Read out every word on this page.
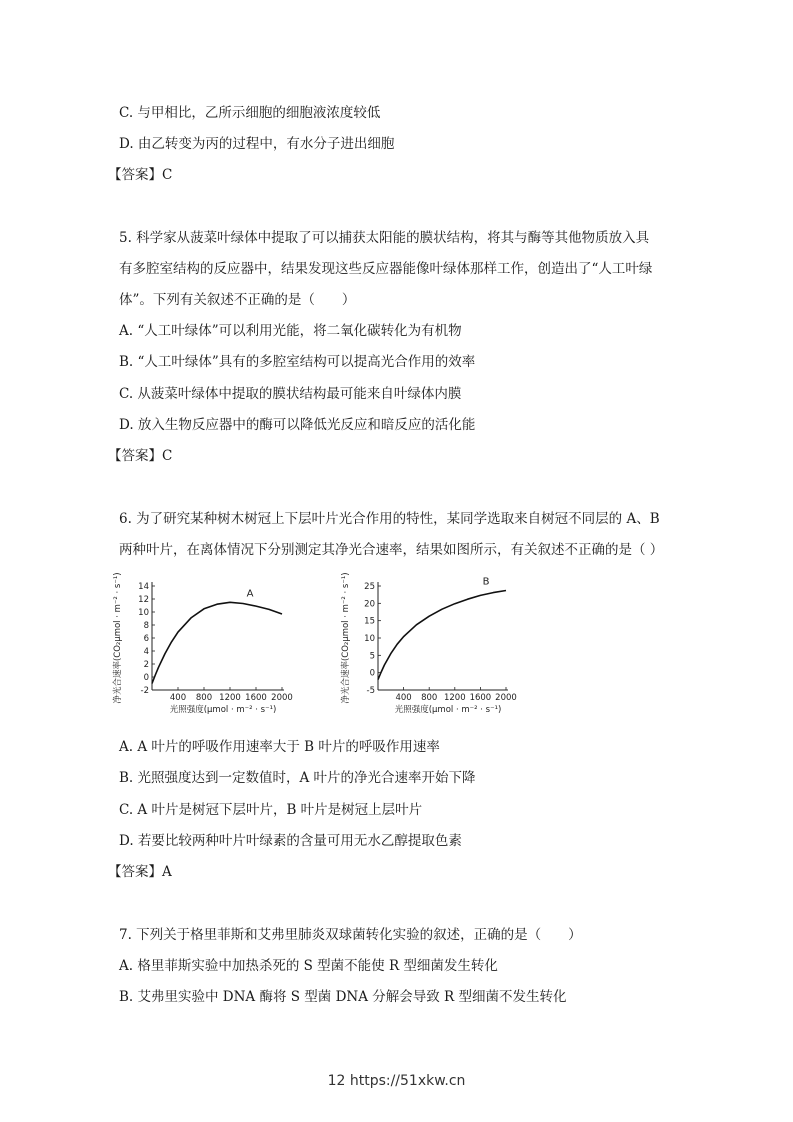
C. 与甲相比，乙所示细胞的细胞液浓度较低
D. 由乙转变为丙的过程中，有水分子进出细胞
【答案】C
5. 科学家从菠菜叶绿体中提取了可以捕获太阳能的膜状结构，将其与酶等其他物质放入具
有多腔室结构的反应器中，结果发现这些反应器能像叶绿体那样工作，创造出了“人工叶绿
体”。下列有关叙述不正确的是（　　）
A. “人工叶绿体”可以利用光能，将二氧化碳转化为有机物
B. “人工叶绿体”具有的多腔室结构可以提高光合作用的效率
C. 从菠菜叶绿体中提取的膜状结构最可能来自叶绿体内膜
D. 放入生物反应器中的酶可以降低光反应和暗反应的活化能
【答案】C
6. 为了研究某种树木树冠上下层叶片光合作用的特性，某同学选取来自树冠不同层的 A、B
两种叶片，在离体情况下分别测定其净光合速率，结果如图所示，有关叙述不正确的是（ ）
-2
0
2
4
6
8
10
12
14
400 800 1200 1600 2000
光照强度(μmol · m⁻² · s⁻¹)
净光合速率(CO₂μmol · m⁻² · s⁻¹)	A
-5
0
5
10
15
20
25
400 800 1200 1600 2000
光照强度(μmol · m⁻² · s⁻¹)
净光合速率(CO₂μmol · m⁻² · s⁻¹)	B
A. A 叶片的呼吸作用速率大于 B 叶片的呼吸作用速率
B. 光照强度达到一定数值时，A 叶片的净光合速率开始下降
C. A 叶片是树冠下层叶片，B 叶片是树冠上层叶片
D. 若要比较两种叶片叶绿素的含量可用无水乙醇提取色素
【答案】A
7. 下列关于格里菲斯和艾弗里肺炎双球菌转化实验的叙述，正确的是（　　）
A. 格里菲斯实验中加热杀死的 S 型菌不能使 R 型细菌发生转化
B. 艾弗里实验中 DNA 酶将 S 型菌 DNA 分解会导致 R 型细菌不发生转化
12 https://51xkw.cn
